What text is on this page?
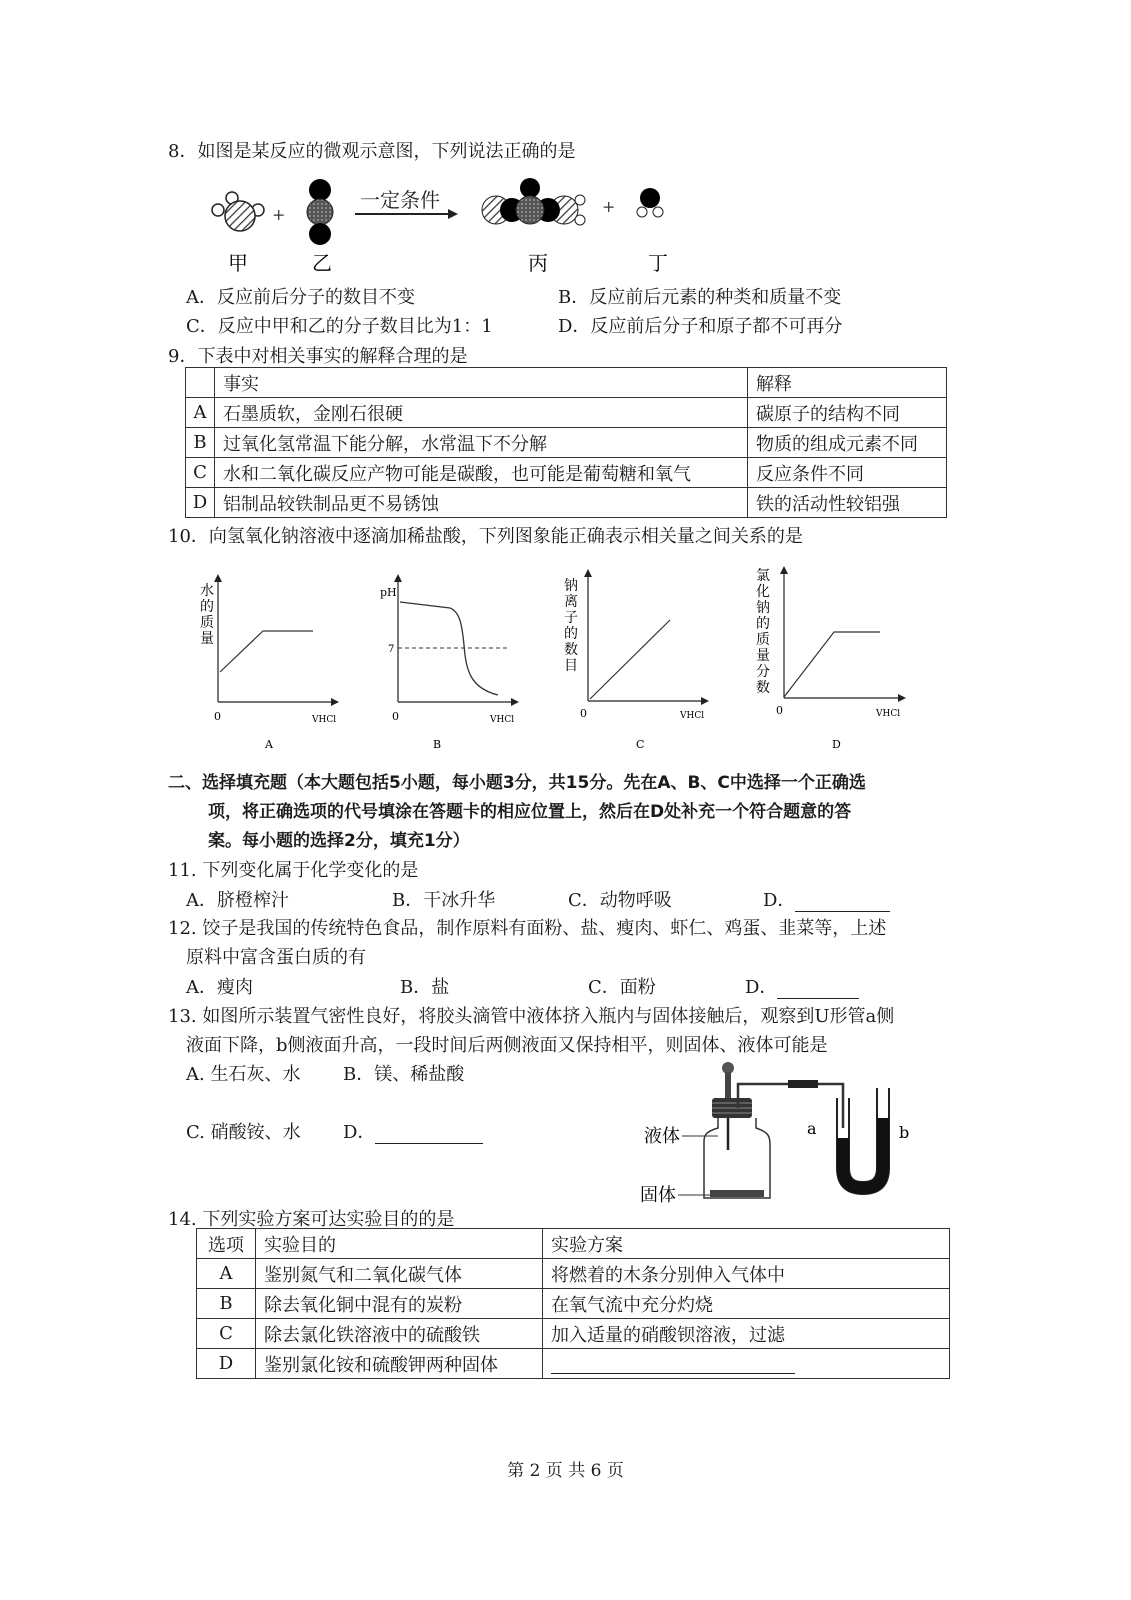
8．如图是某反应的微观示意图，下列说法正确的是
+
一定条件	+
甲	乙	丙	丁
A．反应前后分子的数目不变	B．反应前后元素的种类和质量不变
C．反应中甲和乙的分子数目比为1：1	D．反应前后分子和原子都不可再分
9．下表中对相关事实的解释合理的是
	事实	解释
A	石墨质软，金刚石很硬	碳原子的结构不同
B	过氧化氢常温下能分解，水常温下不分解	物质的组成元素不同
C	水和二氧化碳反应产物可能是碳酸，也可能是葡萄糖和氧气	反应条件不同
D	铝制品较铁制品更不易锈蚀	铁的活动性较铝强
10．向氢氧化钠溶液中逐滴加稀盐酸，下列图象能正确表示相关量之间关系的是
水的质量
0	VHCl
A
pH
7
0	VHCl
B
钠离子的数目
0	VHCl
C
氯化钠的质量分数
0	VHCl
D
二、选择填充题（本大题包括5小题，每小题3分，共15分。先在A、B、C中选择一个正确选
项，将正确选项的代号填涂在答题卡的相应位置上，然后在D处补充一个符合题意的答
案。每小题的选择2分，填充1分）
11. 下列变化属于化学变化的是
A．脐橙榨汁	B．干冰升华	C．动物呼吸	D．
12. 饺子是我国的传统特色食品，制作原料有面粉、盐、瘦肉、虾仁、鸡蛋、韭菜等，上述
原料中富含蛋白质的有
A．瘦肉	B．盐	C．面粉	D．
13. 如图所示装置气密性良好，将胶头滴管中液体挤入瓶内与固体接触后，观察到U形管a侧
液面下降，b侧液面升高，一段时间后两侧液面又保持相平，则固体、液体可能是
A. 生石灰、水 B．镁、稀盐酸
C. 硝酸铵、水 D．	液体
固体
a	b
14. 下列实验方案可达实验目的的是
选项	实验目的	实验方案
A	鉴别氮气和二氧化碳气体	将燃着的木条分别伸入气体中
B	除去氧化铜中混有的炭粉	在氧气流中充分灼烧
C	除去氯化铁溶液中的硫酸铁	加入适量的硝酸钡溶液，过滤
D	鉴别氯化铵和硫酸钾两种固体	
第 2 页 共 6 页
